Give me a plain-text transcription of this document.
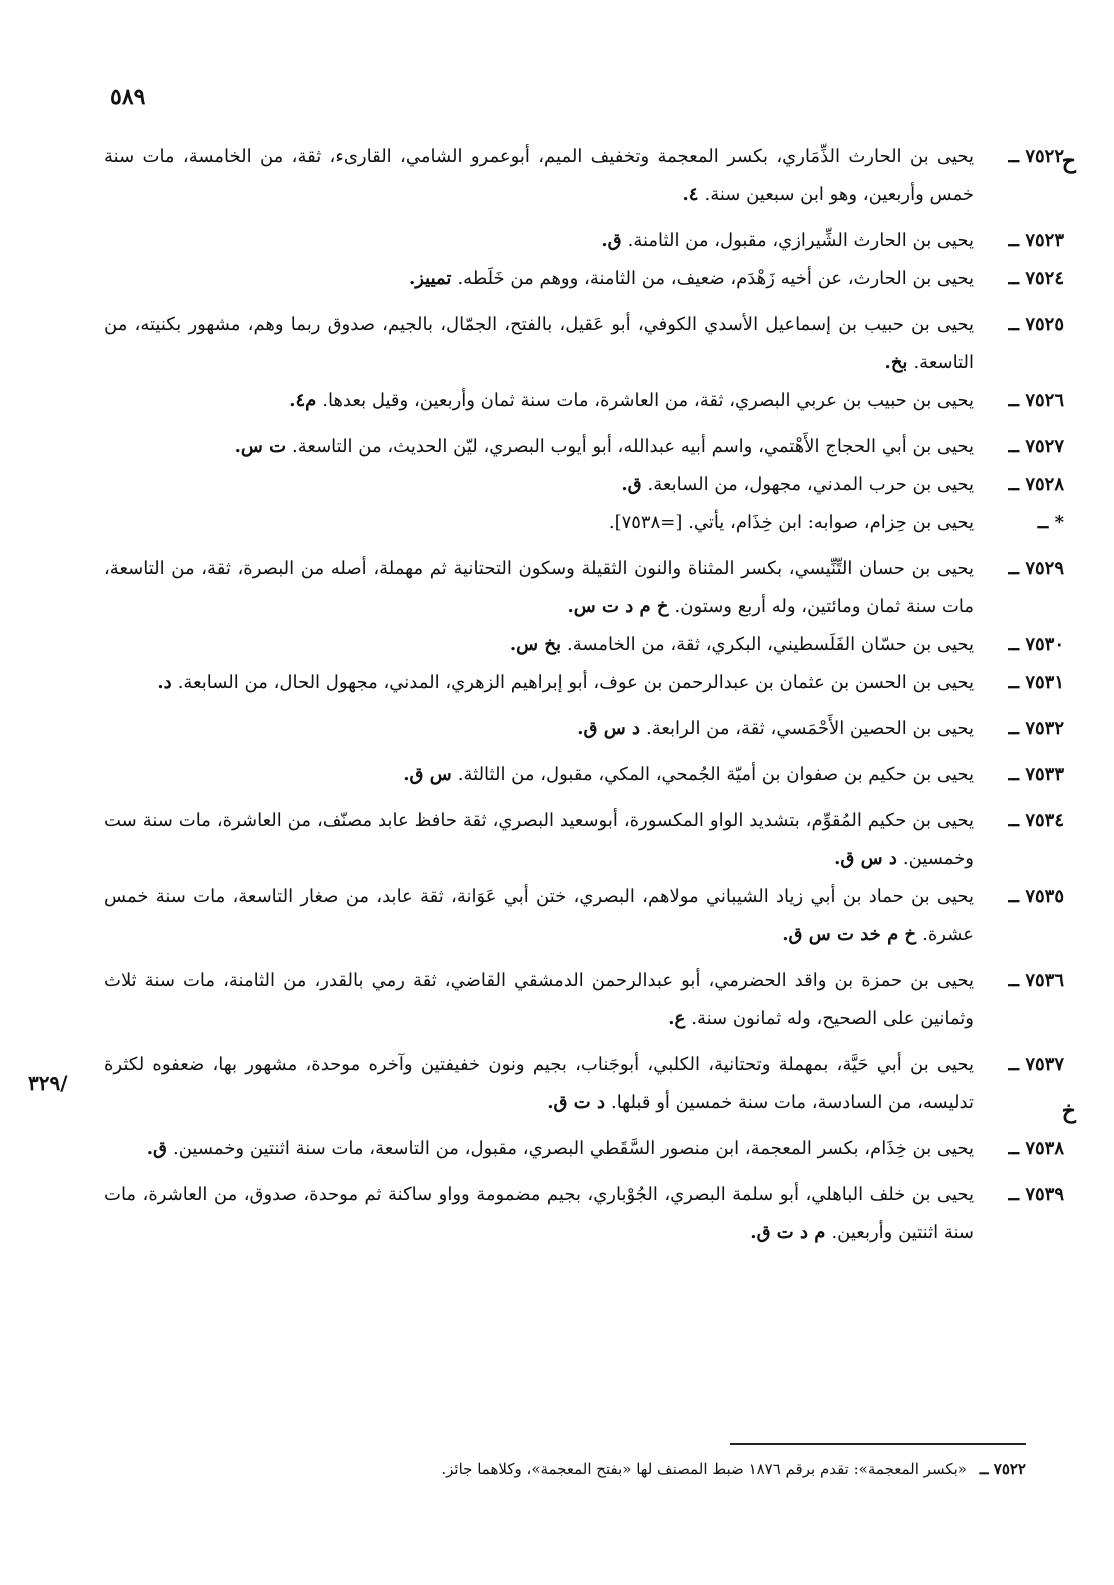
٥٨٩
ح
خ
/٣٢٩
٧٥٢٢ ــ
يحيى بن الحارث الذِّمَاري، بكسر المعجمة وتخفيف الميم، أبوعمرو الشامي، القارىء، ثقة، من الخامسة، مات سنة خمس وأربعين، وهو ابن سبعين سنة.٤.
٧٥٢٣ ــ
يحيى بن الحارث الشِّيرازي، مقبول، من الثامنة.ق.
٧٥٢٤ ــ
يحيى بن الحارث، عن أخيه زَهْدَم، ضعيف، من الثامنة، ووهم من خَلَطه.تمييز.
٧٥٢٥ ــ
يحيى بن حبيب بن إسماعيل الأسدي الكوفي، أبو عَقيل، بالفتح، الجمّال، بالجيم، صدوق ربما وهم، مشهور بكنيته، من التاسعة.بخ.
٧٥٢٦ ــ
يحيى بن حبيب بن عربي البصري، ثقة، من العاشرة، مات سنة ثمان وأربعين، وقيل بعدها.م٤.
٧٥٢٧ ــ
يحيى بن أبي الحجاج الأَهْتمي، واسم أبيه عبدالله، أبو أيوب البصري، ليّن الحديث، من التاسعة.ت س.
٧٥٢٨ ــ
يحيى بن حرب المدني، مجهول، من السابعة.ق.
* ــ
يحيى بن حِزام، صوابه: ابن خِذَام، يأتي. [=٧٥٣٨].
٧٥٢٩ ــ
يحيى بن حسان التِّنِّيسي، بكسر المثناة والنون الثقيلة وسكون التحتانية ثم مهملة، أصله من البصرة، ثقة، من التاسعة، مات سنة ثمان ومائتين، وله أربع وستون.خ م د ت س.
٧٥٣٠ ــ
يحيى بن حسّان الفَلَسطيني، البكري، ثقة، من الخامسة.بخ س.
٧٥٣١ ــ
يحيى بن الحسن بن عثمان بن عبدالرحمن بن عوف، أبو إبراهيم الزهري، المدني، مجهول الحال، من السابعة.د.
٧٥٣٢ ــ
يحيى بن الحصين الأَحْمَسي، ثقة، من الرابعة.د س ق.
٧٥٣٣ ــ
يحيى بن حكيم بن صفوان بن أميّة الجُمحي، المكي، مقبول، من الثالثة.س ق.
٧٥٣٤ ــ
يحيى بن حكيم المُقوِّم، بتشديد الواو المكسورة، أبوسعيد البصري، ثقة حافظ عابد مصنّف، من العاشرة، مات سنة ست وخمسين.د س ق.
٧٥٣٥ ــ
يحيى بن حماد بن أبي زياد الشيباني مولاهم، البصري، ختن أبي عَوَانة، ثقة عابد، من صغار التاسعة، مات سنة خمس عشرة.خ م خد ت س ق.
٧٥٣٦ ــ
يحيى بن حمزة بن واقد الحضرمي، أبو عبدالرحمن الدمشقي القاضي، ثقة رمي بالقدر، من الثامنة، مات سنة ثلاث وثمانين على الصحيح، وله ثمانون سنة.ع.
٧٥٣٧ ــ
يحيى بن أبي حَيَّة، بمهملة وتحتانية، الكلبي، أبوجَناب، بجيم ونون خفيفتين وآخره موحدة، مشهور بها، ضعفوه لكثرة تدليسه، من السادسة، مات سنة خمسين أو قبلها.د ت ق.
٧٥٣٨ ــ
يحيى بن خِذَام، بكسر المعجمة، ابن منصور السَّقَطي البصري، مقبول، من التاسعة، مات سنة اثنتين وخمسين.ق.
٧٥٣٩ ــ
يحيى بن خلف الباهلي، أبو سلمة البصري، الجُوْباري، بجيم مضمومة وواو ساكنة ثم موحدة، صدوق، من العاشرة، مات سنة اثنتين وأربعين.م د ت ق.
٧٥٢٢ ــ «بكسر المعجمة»: تقدم برقم ١٨٧٦ ضبط المصنف لها «بفتح المعجمة»، وكلاهما جائز.
